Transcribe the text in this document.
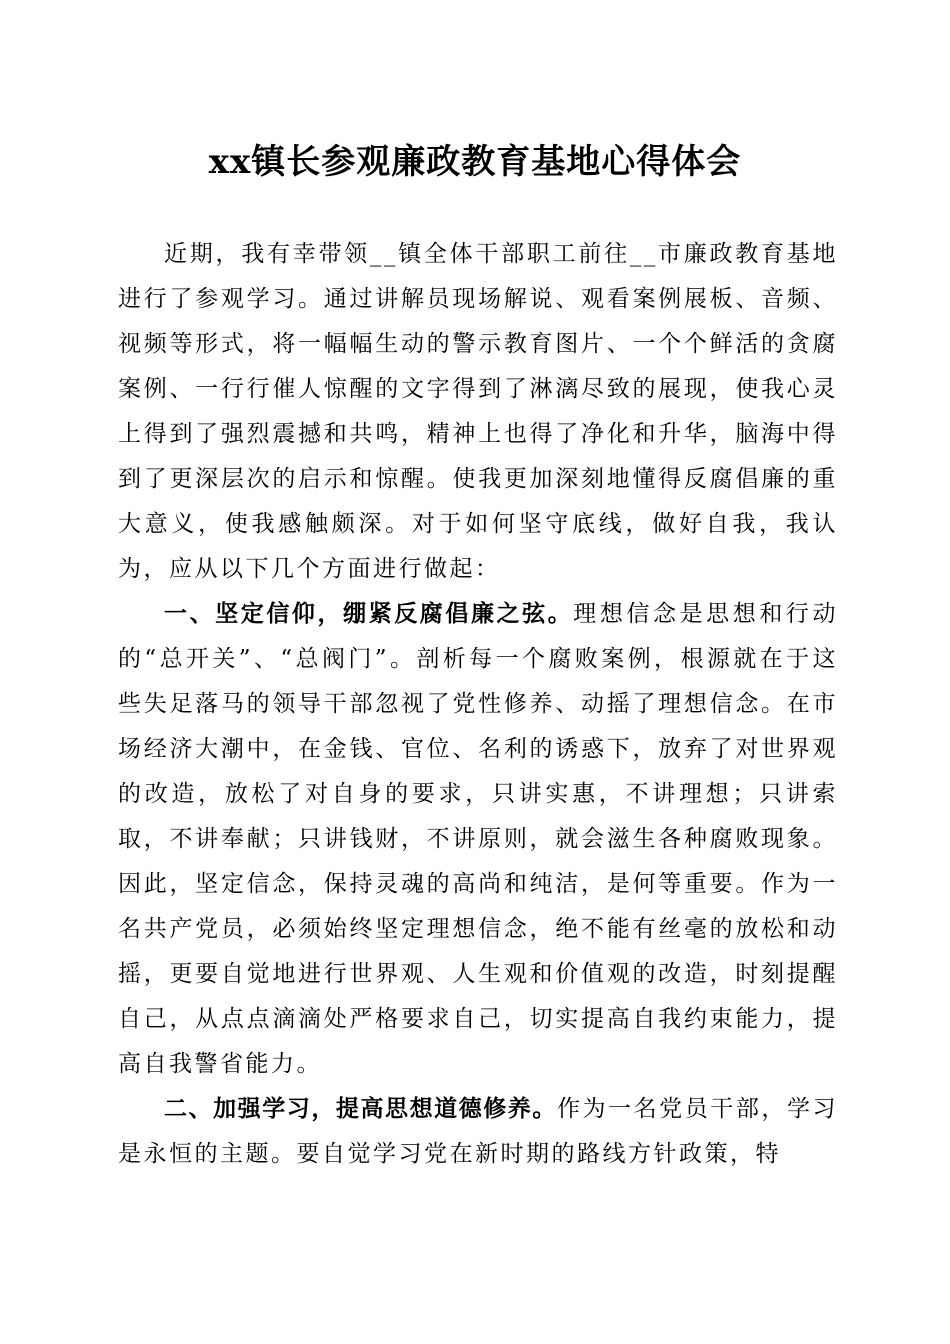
xx镇长参观廉政教育基地心得体会

近期，我有幸带领__镇全体干部职工前往__市廉政教育基地进行了参观学习。通过讲解员现场解说、观看案例展板、音频、视频等形式，将一幅幅生动的警示教育图片、一个个鲜活的贪腐案例、一行行催人惊醒的文字得到了淋漓尽致的展现，使我心灵上得到了强烈震撼和共鸣，精神上也得了净化和升华，脑海中得到了更深层次的启示和惊醒。使我更加深刻地懂得反腐倡廉的重大意义，使我感触颇深。对于如何坚守底线，做好自我，我认为，应从以下几个方面进行做起：

一、坚定信仰，绷紧反腐倡廉之弦。理想信念是思想和行动的“总开关”、“总阀门”。剖析每一个腐败案例，根源就在于这些失足落马的领导干部忽视了党性修养、动摇了理想信念。在市场经济大潮中，在金钱、官位、名利的诱惑下，放弃了对世界观的改造，放松了对自身的要求，只讲实惠，不讲理想；只讲索取，不讲奉献；只讲钱财，不讲原则，就会滋生各种腐败现象。因此，坚定信念，保持灵魂的高尚和纯洁，是何等重要。作为一名共产党员，必须始终坚定理想信念，绝不能有丝毫的放松和动摇，更要自觉地进行世界观、人生观和价值观的改造，时刻提醒自己，从点点滴滴处严格要求自己，切实提高自我约束能力，提高自我警省能力。

二、加强学习，提高思想道德修养。作为一名党员干部，学习是永恒的主题。要自觉学习党在新时期的路线方针政策，特
